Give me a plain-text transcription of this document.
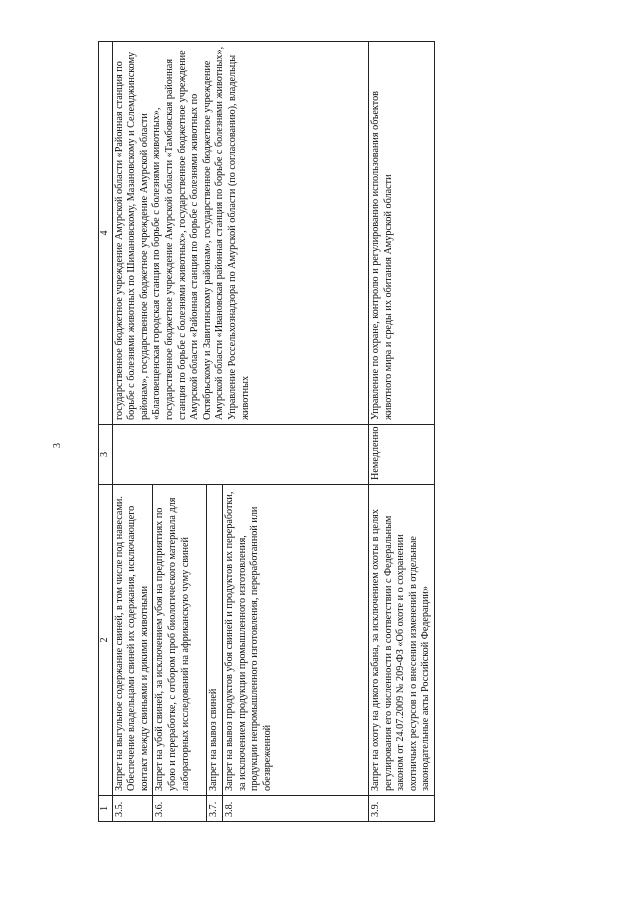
3
1	2	3	4
3.5.	Запрет на выгульное содержание свиней, в том числе под навесами. Обеспечение владельцами свиней их содержания, исключающего контакт между свиньями и дикими животными		государственное бюджетное учреждение Амурской области «Районная станция по борьбе с болезнями животных по Шимановскому, Мазановскому и Селемджинскому районам», государственное бюджетное учреждение Амурской области «Благовещенская городская станция по борьбе с болезнями животных», государственное бюджетное учреждение Амурской области «Тамбовская районная станция по борьбе с болезнями животных», государственное бюджетное учреждение Амурской области «Районная станция по борьбе с болезнями животных по Октябрьскому и Завитинскому районам», государственное бюджетное учреждение Амурской области «Ивановская районная станция по борьбе с болезнями животных», Управление Россельхознадзора по Амурской области (по согласованию), владельцы животных
3.6.	Запрет на убой свиней, за исключением убоя на предприятиях по убою и переработке, с отбором проб биологического материала для лабораторных исследований на африканскую чуму свиней		
3.7.	Запрет на вывоз свиней		
3.8.	Запрет на вывоз продуктов убоя свиней и продуктов их переработки, за исключением продукции промышленного изготовления, продукции непромышленного изготовления, переработанной или обезвреженной		
3.9.	Запрет на охоту на дикого кабана, за исключением охоты в целях регулирования его численности в соответствии с Федеральным законом от 24.07.2009 № 209-ФЗ «Об охоте и о сохранении охотничьих ресурсов и о внесении изменений в отдельные законодательные акты Российской Федерации»	Немедленно	Управление по охране, контролю и регулированию использования объектов животного мира и среды их обитания Амурской области
